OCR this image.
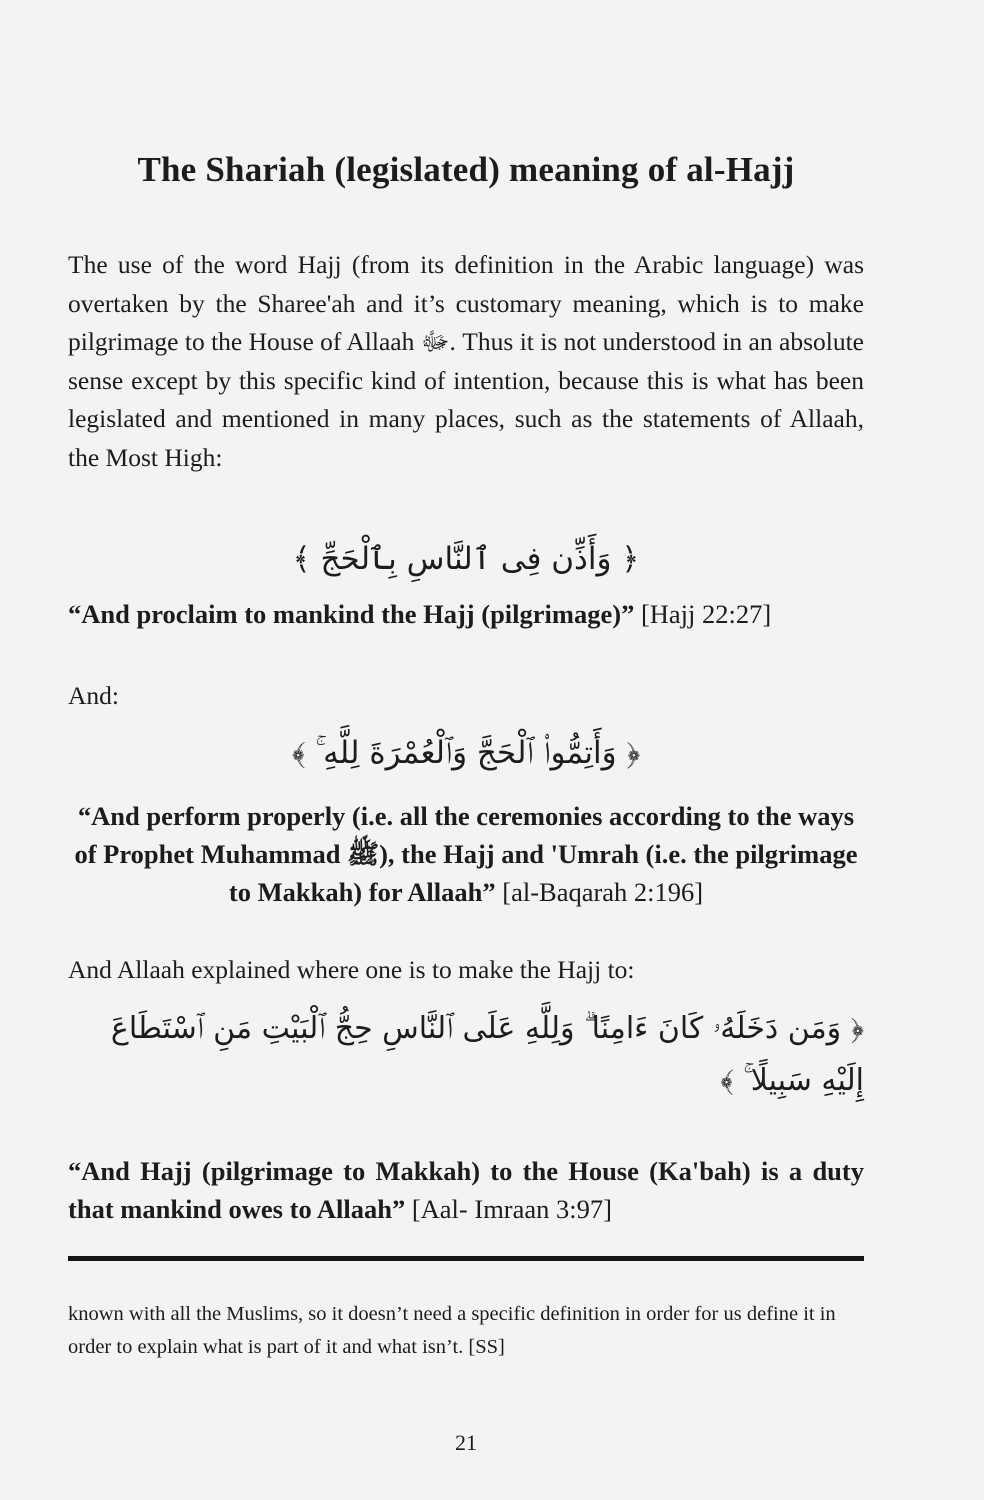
The Shariah (legislated) meaning of al-Hajj
The use of the word Hajj (from its definition in the Arabic language) was overtaken by the Sharee'ah and it’s customary meaning, which is to make pilgrimage to the House of Allaah ﷻ. Thus it is not understood in an absolute sense except by this specific kind of intention, because this is what has been legislated and mentioned in many places, such as the statements of Allaah, the Most High:
﴿ وَأَذِّن فِى ٱلنَّاسِ بِٱلْحَجِّ ﴾
“And proclaim to mankind the Hajj (pilgrimage)” [Hajj 22:27]
And:
﴿ وَأَتِمُّوا۟ ٱلْحَجَّ وَٱلْعُمْرَةَ لِلَّهِ ۚ ﴾
“And perform properly (i.e. all the ceremonies according to the ways of Prophet Muhammad ﷺ), the Hajj and 'Umrah (i.e. the pilgrimage to Makkah) for Allaah” [al-Baqarah 2:196]
And Allaah explained where one is to make the Hajj to:
﴿ وَمَن دَخَلَهُۥ كَانَ ءَامِنًا ۗ وَلِلَّهِ عَلَى ٱلنَّاسِ حِجُّ ٱلْبَيْتِ مَنِ ٱسْتَطَاعَ إِلَيْهِ سَبِيلًا ۚ ﴾
“And Hajj (pilgrimage to Makkah) to the House (Ka'bah) is a duty that mankind owes to Allaah” [Aal- Imraan 3:97]
known with all the Muslims, so it doesn’t need a specific definition in order for us define it in order to explain what is part of it and what isn’t. [SS]
21
